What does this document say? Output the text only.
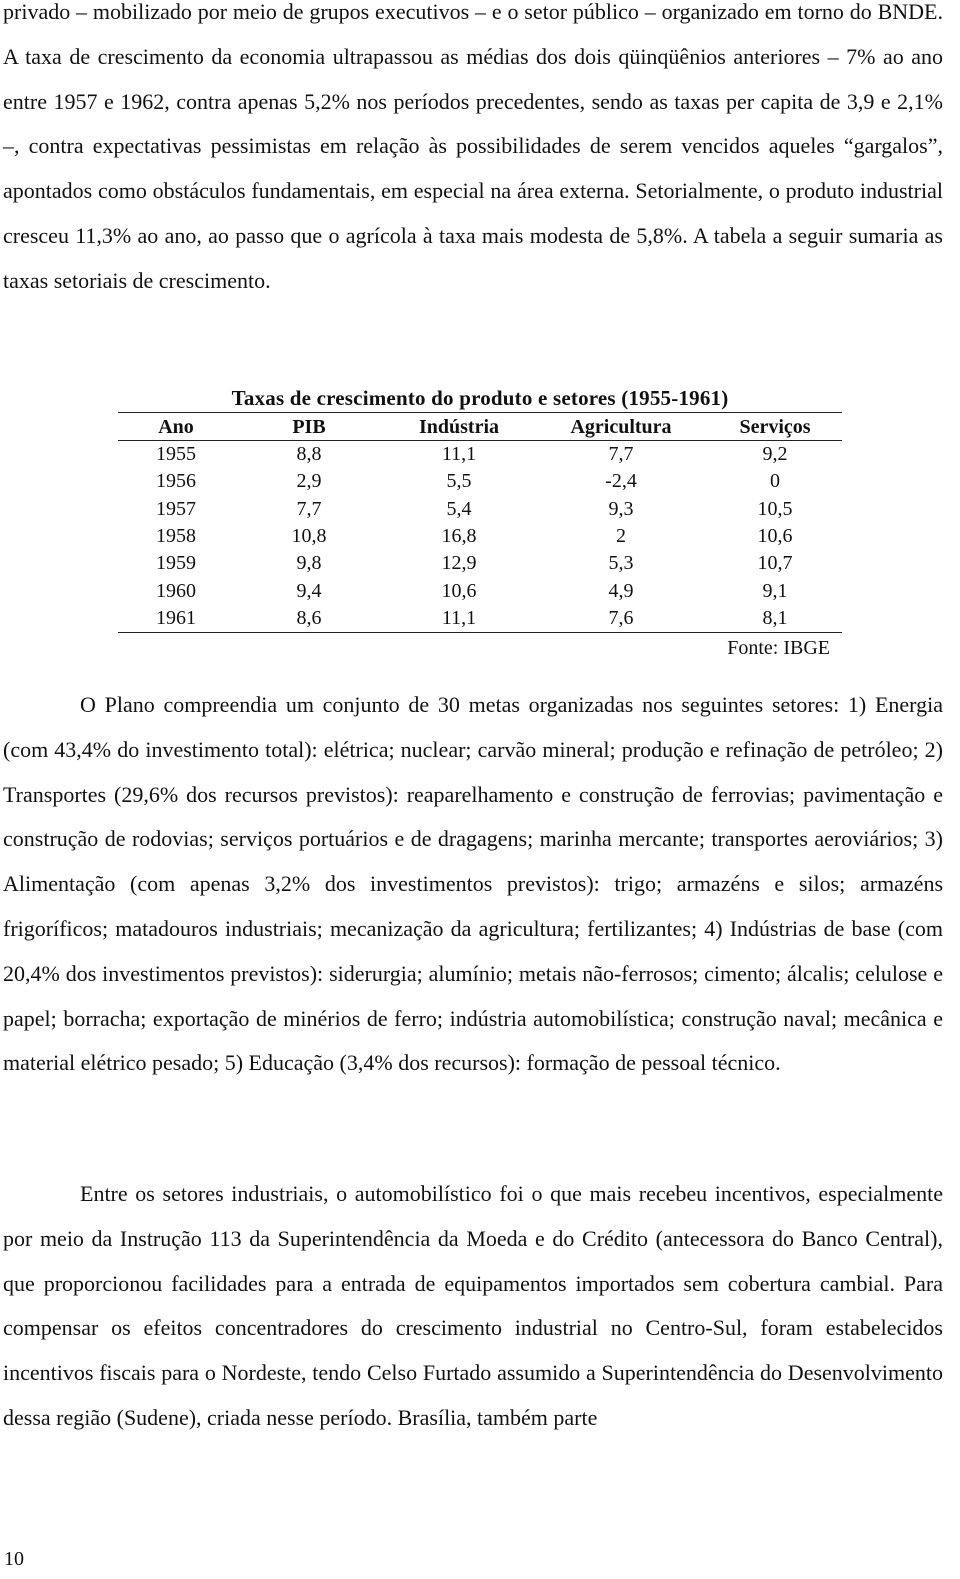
privado – mobilizado por meio de grupos executivos – e o setor público – organizado em torno do BNDE. A taxa de crescimento da economia ultrapassou as médias dos dois qüinqüênios anteriores – 7% ao ano entre 1957 e 1962, contra apenas 5,2% nos períodos precedentes, sendo as taxas per capita de 3,9 e 2,1% –, contra expectativas pessimistas em relação às possibilidades de serem vencidos aqueles “gargalos”, apontados como obstáculos fundamentais, em especial na área externa. Setorialmente, o produto industrial cresceu 11,3% ao ano, ao passo que o agrícola à taxa mais modesta de 5,8%. A tabela a seguir sumaria as taxas setoriais de crescimento.

Taxas de crescimento do produto e setores (1955-1961)
Ano	PIB	Indústria	Agricultura	Serviços
1955	8,8	11,1	7,7	9,2
1956	2,9	5,5	-2,4	0
1957	7,7	5,4	9,3	10,5
1958	10,8	16,8	2	10,6
1959	9,8	12,9	5,3	10,7
1960	9,4	10,6	4,9	9,1
1961	8,6	11,1	7,6	8,1
Fonte: IBGE

O Plano compreendia um conjunto de 30 metas organizadas nos seguintes setores: 1) Energia (com 43,4% do investimento total): elétrica; nuclear; carvão mineral; produção e refinação de petróleo; 2) Transportes (29,6% dos recursos previstos): reaparelhamento e construção de ferrovias; pavimentação e construção de rodovias; serviços portuários e de dragagens; marinha mercante; transportes aeroviários; 3) Alimentação (com apenas 3,2% dos investimentos previstos): trigo; armazéns e silos; armazéns frigoríficos; matadouros industriais; mecanização da agricultura; fertilizantes; 4) Indústrias de base (com 20,4% dos investimentos previstos): siderurgia; alumínio; metais não-ferrosos; cimento; álcalis; celulose e papel; borracha; exportação de minérios de ferro; indústria automobilística; construção naval; mecânica e material elétrico pesado; 5) Educação (3,4% dos recursos): formação de pessoal técnico.

Entre os setores industriais, o automobilístico foi o que mais recebeu incentivos, especialmente por meio da Instrução 113 da Superintendência da Moeda e do Crédito (antecessora do Banco Central), que proporcionou facilidades para a entrada de equipamentos importados sem cobertura cambial. Para compensar os efeitos concentradores do crescimento industrial no Centro-Sul, foram estabelecidos incentivos fiscais para o Nordeste, tendo Celso Furtado assumido a Superintendência do Desenvolvimento dessa região (Sudene), criada nesse período. Brasília, também parte

10
